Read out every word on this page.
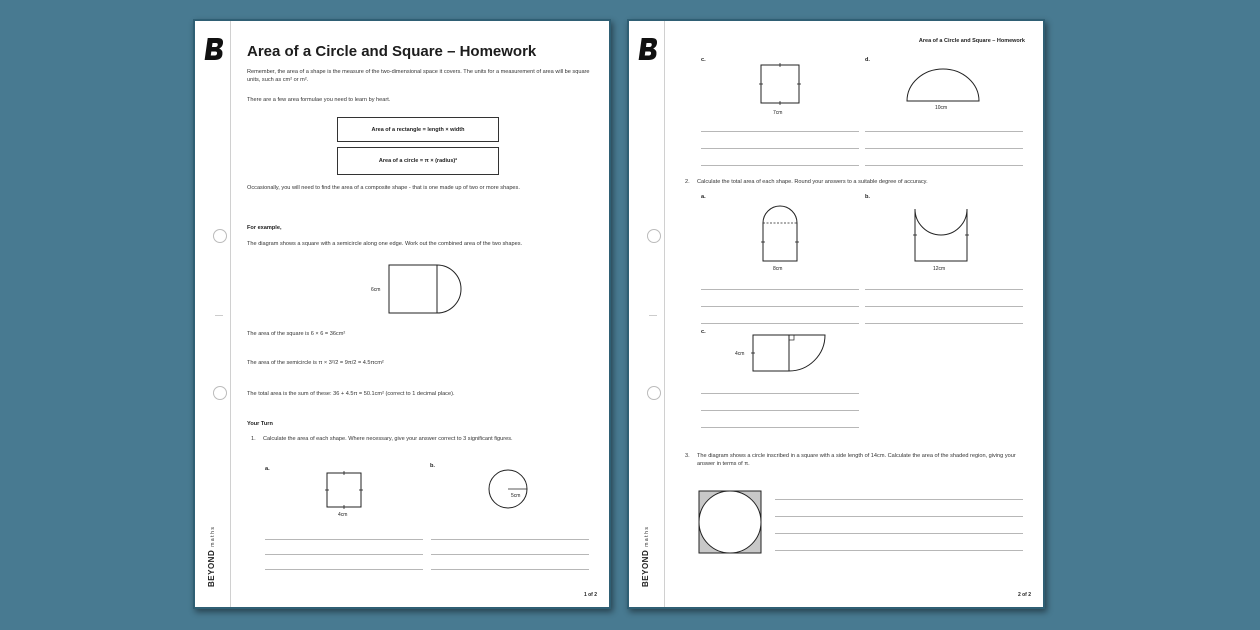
BEYONDmaths
Area of a Circle and Square – Homework

Remember, the area of a shape is the measure of the two-dimensional space it covers. The units for a measurement of area will be square units, such as cm² or m².

There are a few area formulae you need to learn by heart.

Area of a rectangle = length × width
Area of a circle = π × (radius)²

Occasionally, you will need to find the area of a composite shape - that is one made up of two or more shapes.

For example,

The diagram shows a square with a semicircle along one edge. Work out the combined area of the two shapes.

6cm

The area of the square is 6 × 6 = 36cm²

The area of the semicircle is π × 3²/2 = 9π/2 = 4.5πcm²

The total area is the sum of these: 36 + 4.5π = 50.1cm² (correct to 1 decimal place).

Your Turn

1. Calculate the area of each shape. Where necessary, give your answer correct to 3 significant figures.

a.

4cm

b.

5cm
1 of 2
BEYONDmaths
Area of a Circle and Square – Homework

c.

7cm

d.

10cm

2. Calculate the total area of each shape. Round your answers to a suitable degree of accuracy.

a.

8cm

b.

12cm

c.

4cm

3. The diagram shows a circle inscribed in a square with a side length of 14cm. Calculate the area of the shaded region, giving your answer in terms of π.

2 of 2
